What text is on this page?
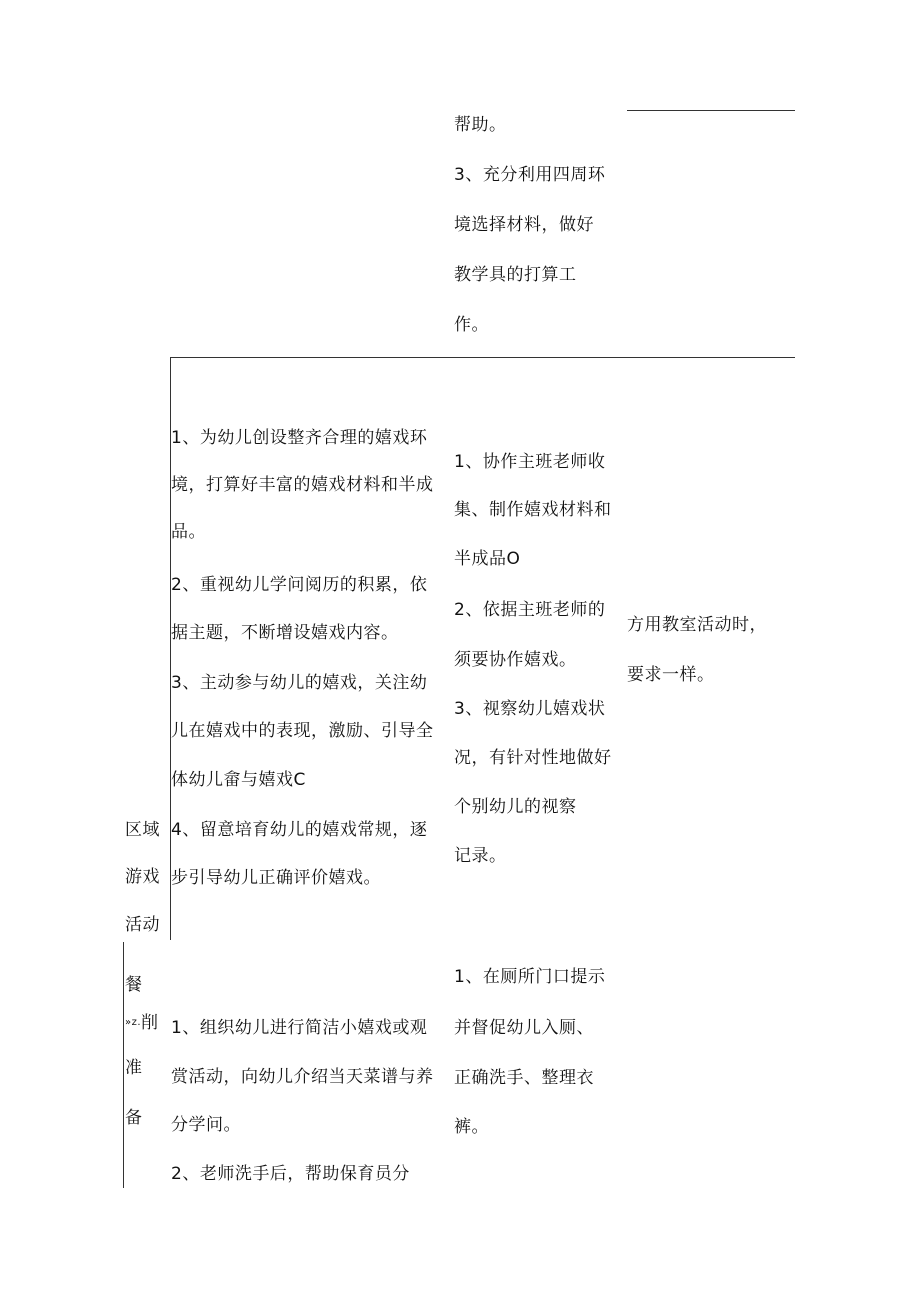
帮助。
3、充分利用四周环
境选择材料，做好
教学具的打算工
作。
1、为幼儿创设整齐合理的嬉戏环
境，打算好丰富的嬉戏材料和半成
品。
2、重视幼儿学问阅历的积累，依
据主题，不断增设嬉戏内容。
3、主动参与幼儿的嬉戏，关注幼
儿在嬉戏中的表现，激励、引导全
体幼儿畲与嬉戏C
4、留意培育幼儿的嬉戏常规，逐
步引导幼儿正确评价嬉戏。
1、协作主班老师收
集、制作嬉戏材料和
半成品O
2、依据主班老师的
须要协作嬉戏。
3、视察幼儿嬉戏状
况，有针对性地做好
个别幼儿的视察
记录。
方用教室活动时，
要求一样。
区域
游戏
活动
餐
»z.削
准
备
1、组织幼儿进行简洁小嬉戏或观
赏活动，向幼儿介绍当天菜谱与养
分学问。
2、老师洗手后，帮助保育员分
1、在厕所门口提示
并督促幼儿入厕、
正确洗手、整理衣
裤。
